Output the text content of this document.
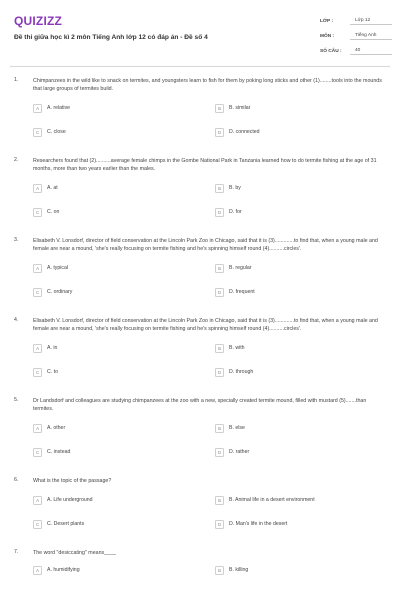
QUIZIZZ
Đề thi giữa học kì 2 môn Tiếng Anh lớp 12 có đáp án - Đề số 4
LỚP :	Lớp 12
MÔN :	Tiếng Anh
SỐ CÂU :	40
1.	Chimpanzees in the wild like to snack on termites, and youngsters learn to fish for them by poking long sticks and other (1)........tools into the mounds that large groups of termites build.
A	A. relative	B	B. similar
C	C. close	D	D. connected
2.	Researchers found that (2)..........average female chimps in the Gombe National Park in Tanzania learned how to do termite fishing at the age of 31 months, more than two years earlier than the males.
A	A. at	B	B. by
C	C. on	D	D. for
3.	Elisabeth V. Lonsdorf, director of field conservation at the Lincoln Park Zoo in Chicago, said that it is (3).............to find that, when a young male and female are near a mound, 'she's really focusing on termite fishing and he's spinning himself round (4)..........circles'.
A	A. typical	B	B. regular
C	C. ordinary	D	D. frequent
4.	Elisabeth V. Lonsdorf, director of field conservation at the Lincoln Park Zoo in Chicago, said that it is (3).............to find that, when a young male and female are near a mound, 'she's really focusing on termite fishing and he's spinning himself round (4)..........circles'.
A	A. in	B	B. with
C	C. to	D	D. through
5.	Dr Landsdorf and colleagues are studying chimpanzees at the zoo with a new, specially created termite mound, filled with mustard (5).......than termites.
A	A. other	B	B. else
C	C. instead	D	D. rather
6.	What is the topic of the passage?
A	A. Life underground	B	B. Animal life in a desert environment
C	C. Desert plants	D	D. Man's life in the desert
7.	The word "desiccating" means____
A	A. humidifying	B	B. killing
